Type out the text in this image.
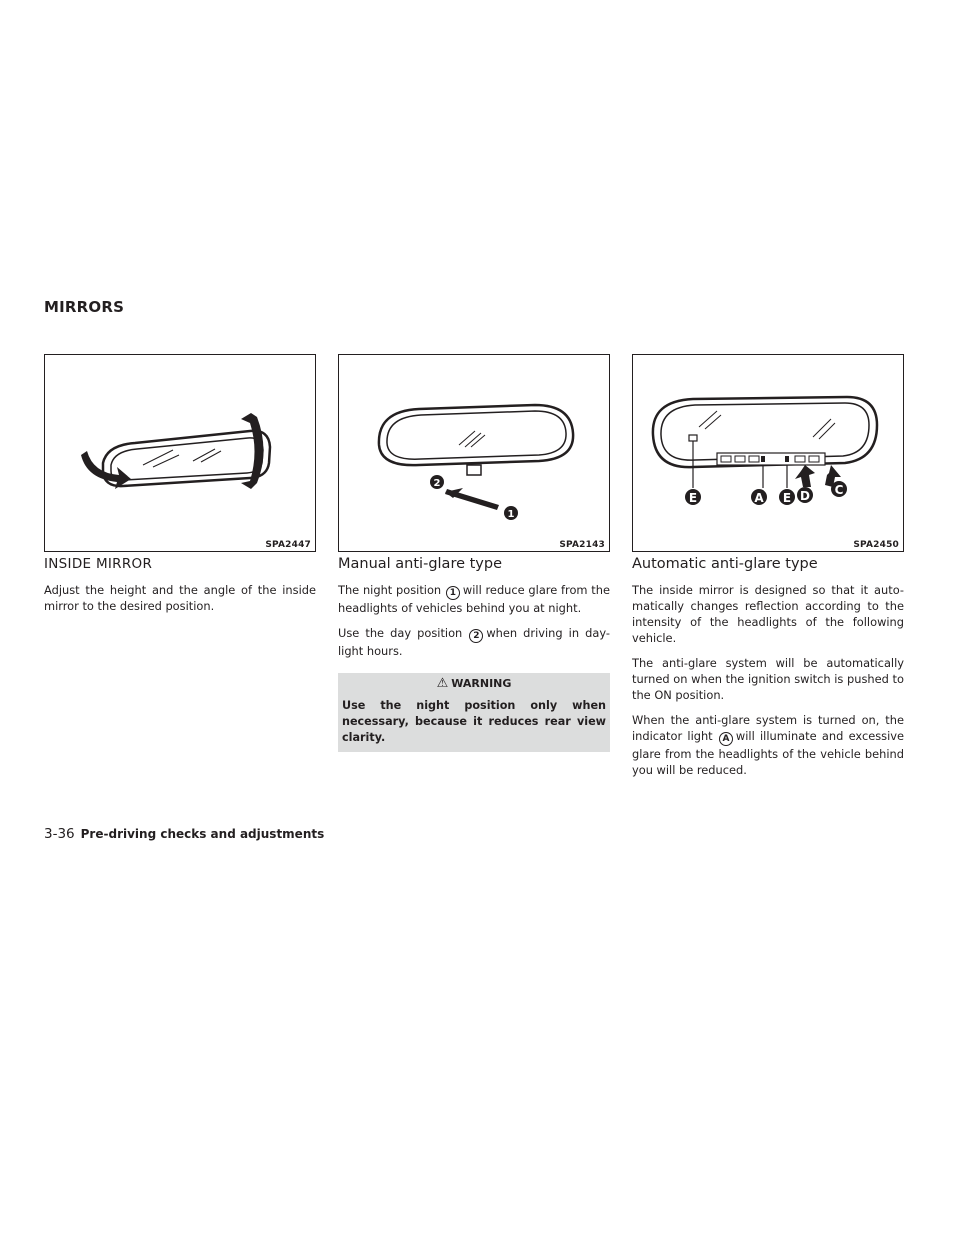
MIRRORS
SPA2447
2
1
SPA2143
E	A E D C
SPA2450
INSIDE MIRROR

Adjust the height and the angle of the inside mirror to the desired position.

Manual anti-glare type

The night position 1 will reduce glare from the headlights of vehicles behind you at night.

Use the day position 2 when driving in day-light hours.

⚠ WARNING
Use the night position only when necessary, because it reduces rear view clarity.
Automatic anti-glare type

The inside mirror is designed so that it auto-matically changes reflection according to the intensity of the headlights of the following vehicle.

The anti-glare system will be automatically turned on when the ignition switch is pushed to the ON position.

When the anti-glare system is turned on, the indicator light A will illuminate and excessive glare from the headlights of the vehicle behind you will be reduced.

3-36 Pre-driving checks and adjustments
